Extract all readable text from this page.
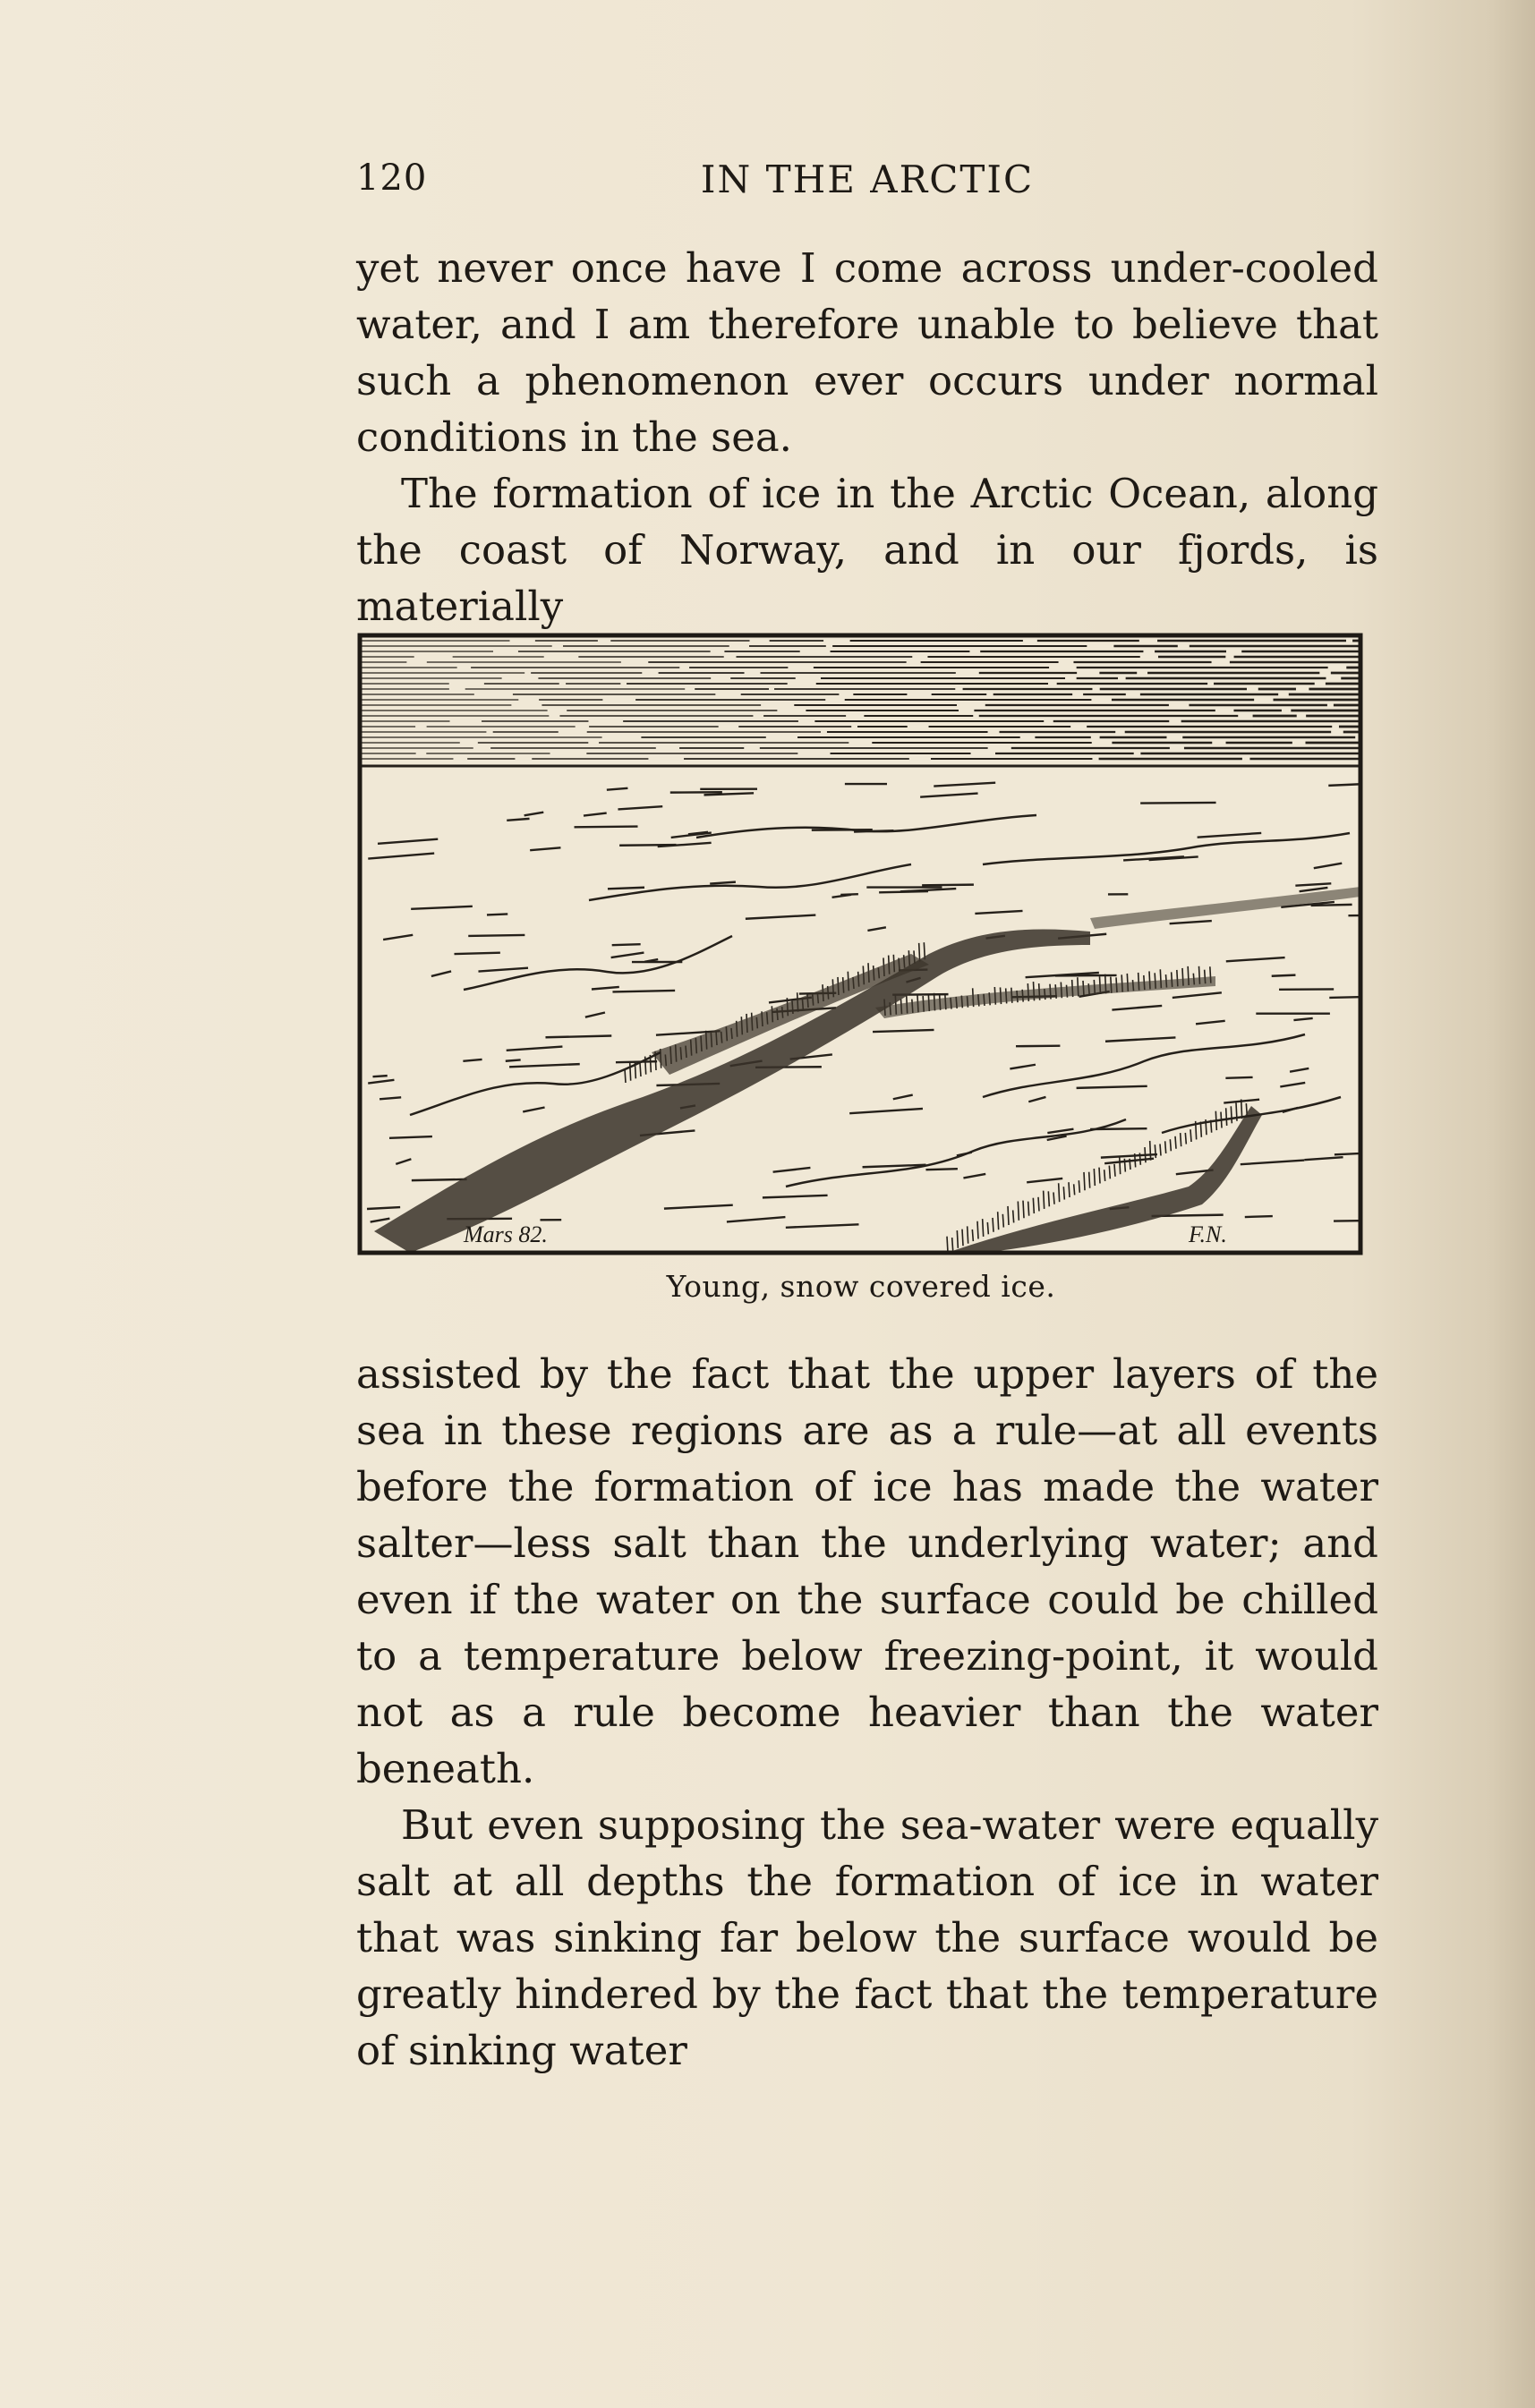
120	IN THE ARCTIC

yet never once have I come across under-cooled water, and I am therefore unable to believe that such a phenomenon ever occurs under normal conditions in the sea.

The formation of ice in the Arctic Ocean, along the coast of Norway, and in our fjords, is materially

Mars 82.	F.N.
Young, snow covered ice.

assisted by the fact that the upper layers of the sea in these regions are as a rule—at all events before the formation of ice has made the water salter—less salt than the underlying water; and even if the water on the surface could be chilled to a temperature below freezing-point, it would not as a rule become heavier than the water beneath.

But even supposing the sea-water were equally salt at all depths the formation of ice in water that was sinking far below the surface would be greatly hindered by the fact that the temperature of sinking water
